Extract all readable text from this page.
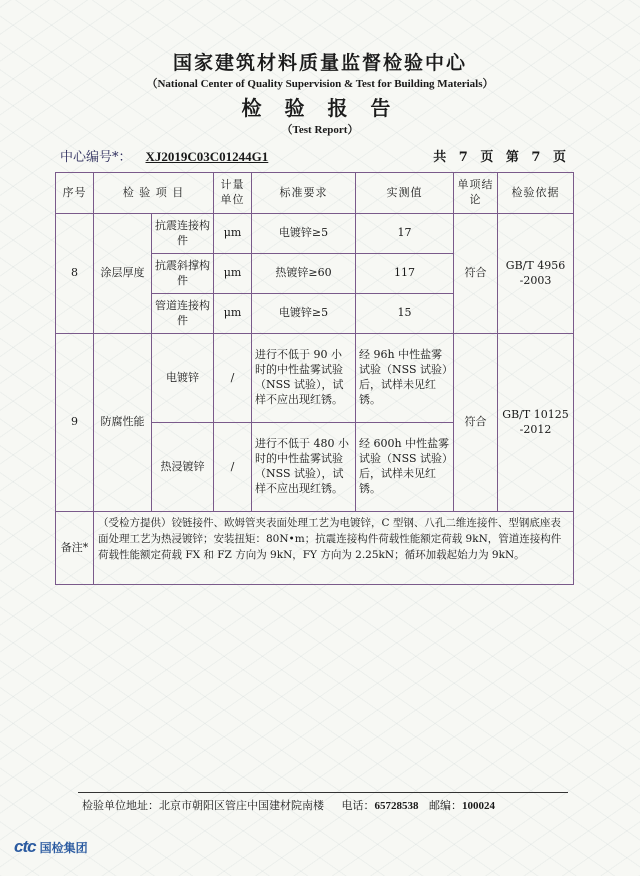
国家建筑材料质量监督检验中心
（National Center of Quality Supervision & Test for Building Materials）
检 验 报 告
（Test Report）
中心编号*： XJ2019C03C01244G1	共 7 页 第 7 页
序号	检 验 项 目		计量单位	标准要求	实测值	单项结论	检验依据
8	涂层厚度	抗震连接构件	μm	电镀锌≥5	17	符合	GB/T 4956 -2003
		抗震斜撑构件	μm	热镀锌≥60	117		
		管道连接构件	μm	电镀锌≥5	15		
9	防腐性能	电镀锌	/	进行不低于 90 小时的中性盐雾试验（NSS 试验），试样不应出现红锈。	经 96h 中性盐雾试验（NSS 试验）后，试样未见红锈。	符合	GB/T 10125 -2012
		热浸镀锌	/	进行不低于 480 小时的中性盐雾试验（NSS 试验），试样不应出现红锈。	经 600h 中性盐雾试验（NSS 试验）后，试样未见红锈。		
备注*	（受检方提供）铰链接件、欧姆管夹表面处理工艺为电镀锌，C 型钢、八孔二维连接件、型钢底座表面处理工艺为热浸镀锌；安装扭矩：80N•m；抗震连接构件荷载性能额定荷载 9kN，管道连接构件荷载性能额定荷载 FX 和 FZ 方向为 9kN，FY 方向为 2.25kN；循环加载起始力为 9kN。						
检验单位地址：北京市朝阳区管庄中国建材院南楼 电话：65728538 邮编：100024
ctc 国检集团
